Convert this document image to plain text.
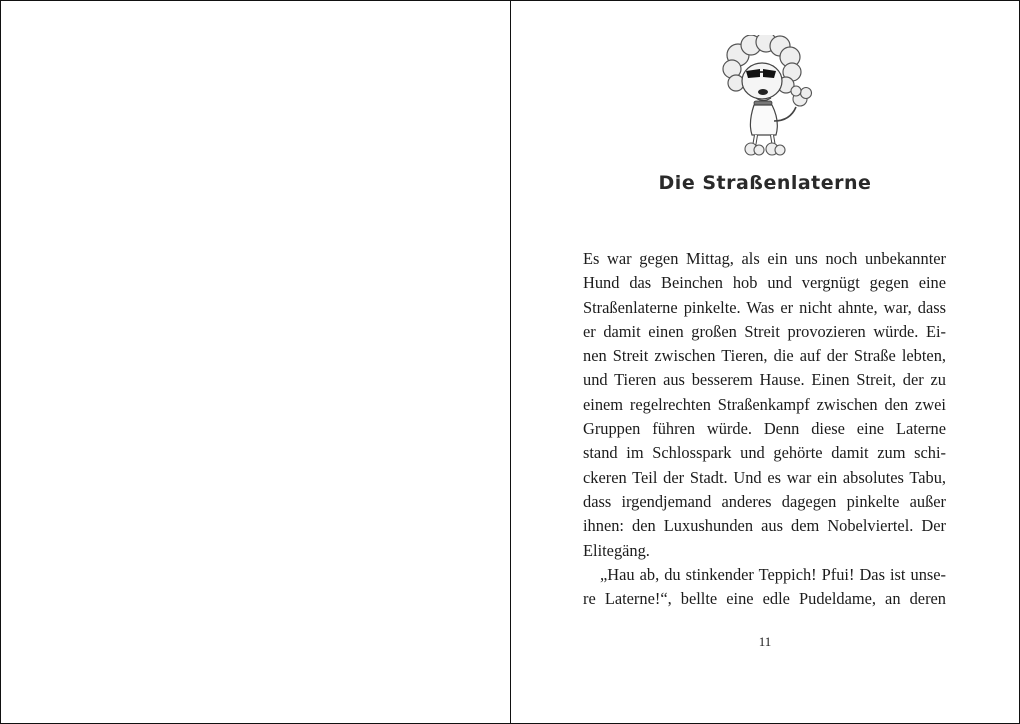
Die Straßenlaterne
Es war gegen Mittag, als ein uns noch unbekannter
Hund das Beinchen hob und vergnügt gegen eine
Straßenlaterne pinkelte. Was er nicht ahnte, war, dass
er damit einen großen Streit provozieren würde. Ei-
nen Streit zwischen Tieren, die auf der Straße lebten,
und Tieren aus besserem Hause. Einen Streit, der zu
einem regelrechten Straßenkampf zwischen den zwei
Gruppen führen würde. Denn diese eine Laterne
stand im Schlosspark und gehörte damit zum schi-
ckeren Teil der Stadt. Und es war ein absolutes Tabu,
dass irgendjemand anderes dagegen pinkelte außer
ihnen: den Luxushunden aus dem Nobelviertel. Der
Elitegäng.
„Hau ab, du stinkender Teppich! Pfui! Das ist unse-
re Laterne!“, bellte eine edle Pudeldame, an deren
11
